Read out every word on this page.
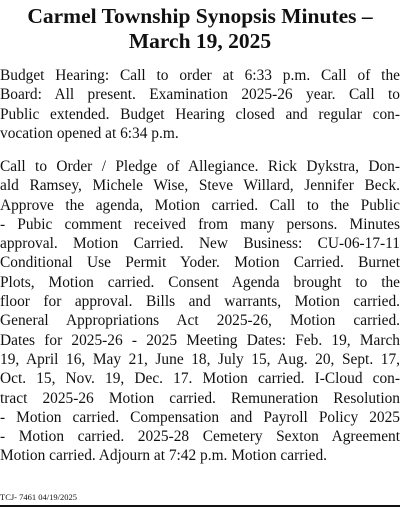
Carmel Township Synopsis Minutes –
March 19, 2025
Budget Hearing: Call to order at 6:33 p.m. Call of the
Board: All present. Examination 2025-26 year. Call to
Public extended. Budget Hearing closed and regular con-
vocation opened at 6:34 p.m.
Call to Order / Pledge of Allegiance. Rick Dykstra, Don-
ald Ramsey, Michele Wise, Steve Willard, Jennifer Beck.
Approve the agenda, Motion carried. Call to the Public
- Pubic comment received from many persons. Minutes
approval. Motion Carried. New Business: CU-06-17-11
Conditional Use Permit Yoder. Motion Carried. Burnet
Plots, Motion carried. Consent Agenda brought to the
floor for approval. Bills and warrants, Motion carried.
General Appropriations Act 2025-26, Motion carried.
Dates for 2025-26 - 2025 Meeting Dates: Feb. 19, March
19, April 16, May 21, June 18, July 15, Aug. 20, Sept. 17,
Oct. 15, Nov. 19, Dec. 17. Motion carried. I-Cloud con-
tract 2025-26 Motion carried. Remuneration Resolution
- Motion carried. Compensation and Payroll Policy 2025
- Motion carried. 2025-28 Cemetery Sexton Agreement
Motion carried. Adjourn at 7:42 p.m. Motion carried.
TCJ- 7461 04/19/2025
